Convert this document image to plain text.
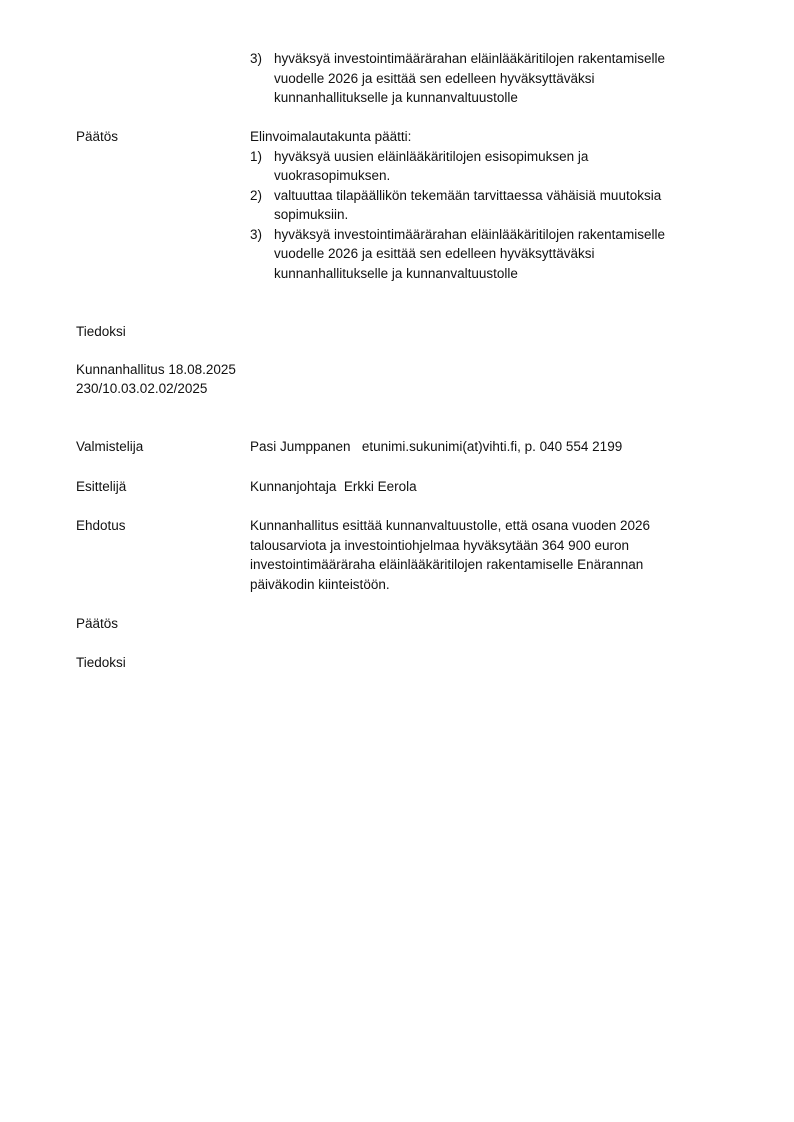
3) hyväksyä investointimäärärahan eläinlääkäritilojen rakentamiselle
vuodelle 2026 ja esittää sen edelleen hyväksyttäväksi
kunnanhallitukselle ja kunnanvaltuustolle
Päätös	Elinvoimalautakunta päätti:
1) hyväksyä uusien eläinlääkäritilojen esisopimuksen ja
vuokrasopimuksen.
2) valtuuttaa tilapäällikön tekemään tarvittaessa vähäisiä muutoksia
sopimuksiin.
3) hyväksyä investointimäärärahan eläinlääkäritilojen rakentamiselle
vuodelle 2026 ja esittää sen edelleen hyväksyttäväksi
kunnanhallitukselle ja kunnanvaltuustolle
Tiedoksi
Kunnanhallitus 18.08.2025
230/10.03.02.02/2025
Valmistelija	Pasi Jumppanen   etunimi.sukunimi(at)vihti.fi, p. 040 554 2199
Esittelijä	Kunnanjohtaja  Erkki Eerola
Ehdotus	Kunnanhallitus esittää kunnanvaltuustolle, että osana vuoden 2026
talousarviota ja investointiohjelmaa hyväksytään 364 900 euron
investointimääräraha eläinlääkäritilojen rakentamiselle Enärannan
päiväkodin kiinteistöön.
Päätös
Tiedoksi
